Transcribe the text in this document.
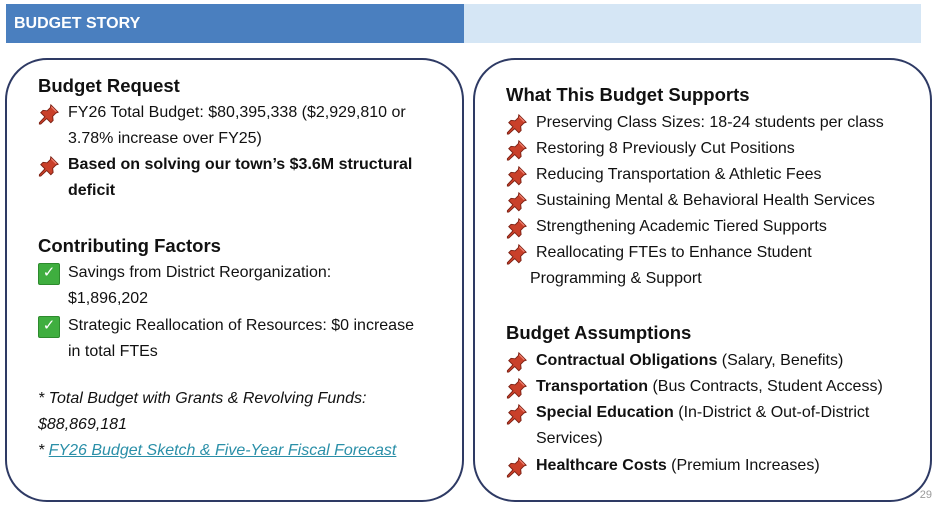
BUDGET STORY
Budget Request
FY26 Total Budget: $80,395,338 ($2,929,810 or
3.78% increase over FY25)
Based on solving our town’s $3.6M structural
deficit
Contributing Factors
✓ Savings from District Reorganization:
$1,896,202
✓ Strategic Reallocation of Resources: $0 increase
in total FTEs
* Total Budget with Grants & Revolving Funds:
$88,869,181
* FY26 Budget Sketch & Five-Year Fiscal Forecast
What This Budget Supports
Preserving Class Sizes: 18-24 students per class
Restoring 8 Previously Cut Positions
Reducing Transportation & Athletic Fees
Sustaining Mental & Behavioral Health Services
Strengthening Academic Tiered Supports
Reallocating FTEs to Enhance Student
Programming & Support
Budget Assumptions
Contractual Obligations (Salary, Benefits)
Transportation (Bus Contracts, Student Access)
Special Education (In-District & Out-of-District
Services)
Healthcare Costs (Premium Increases)
29
